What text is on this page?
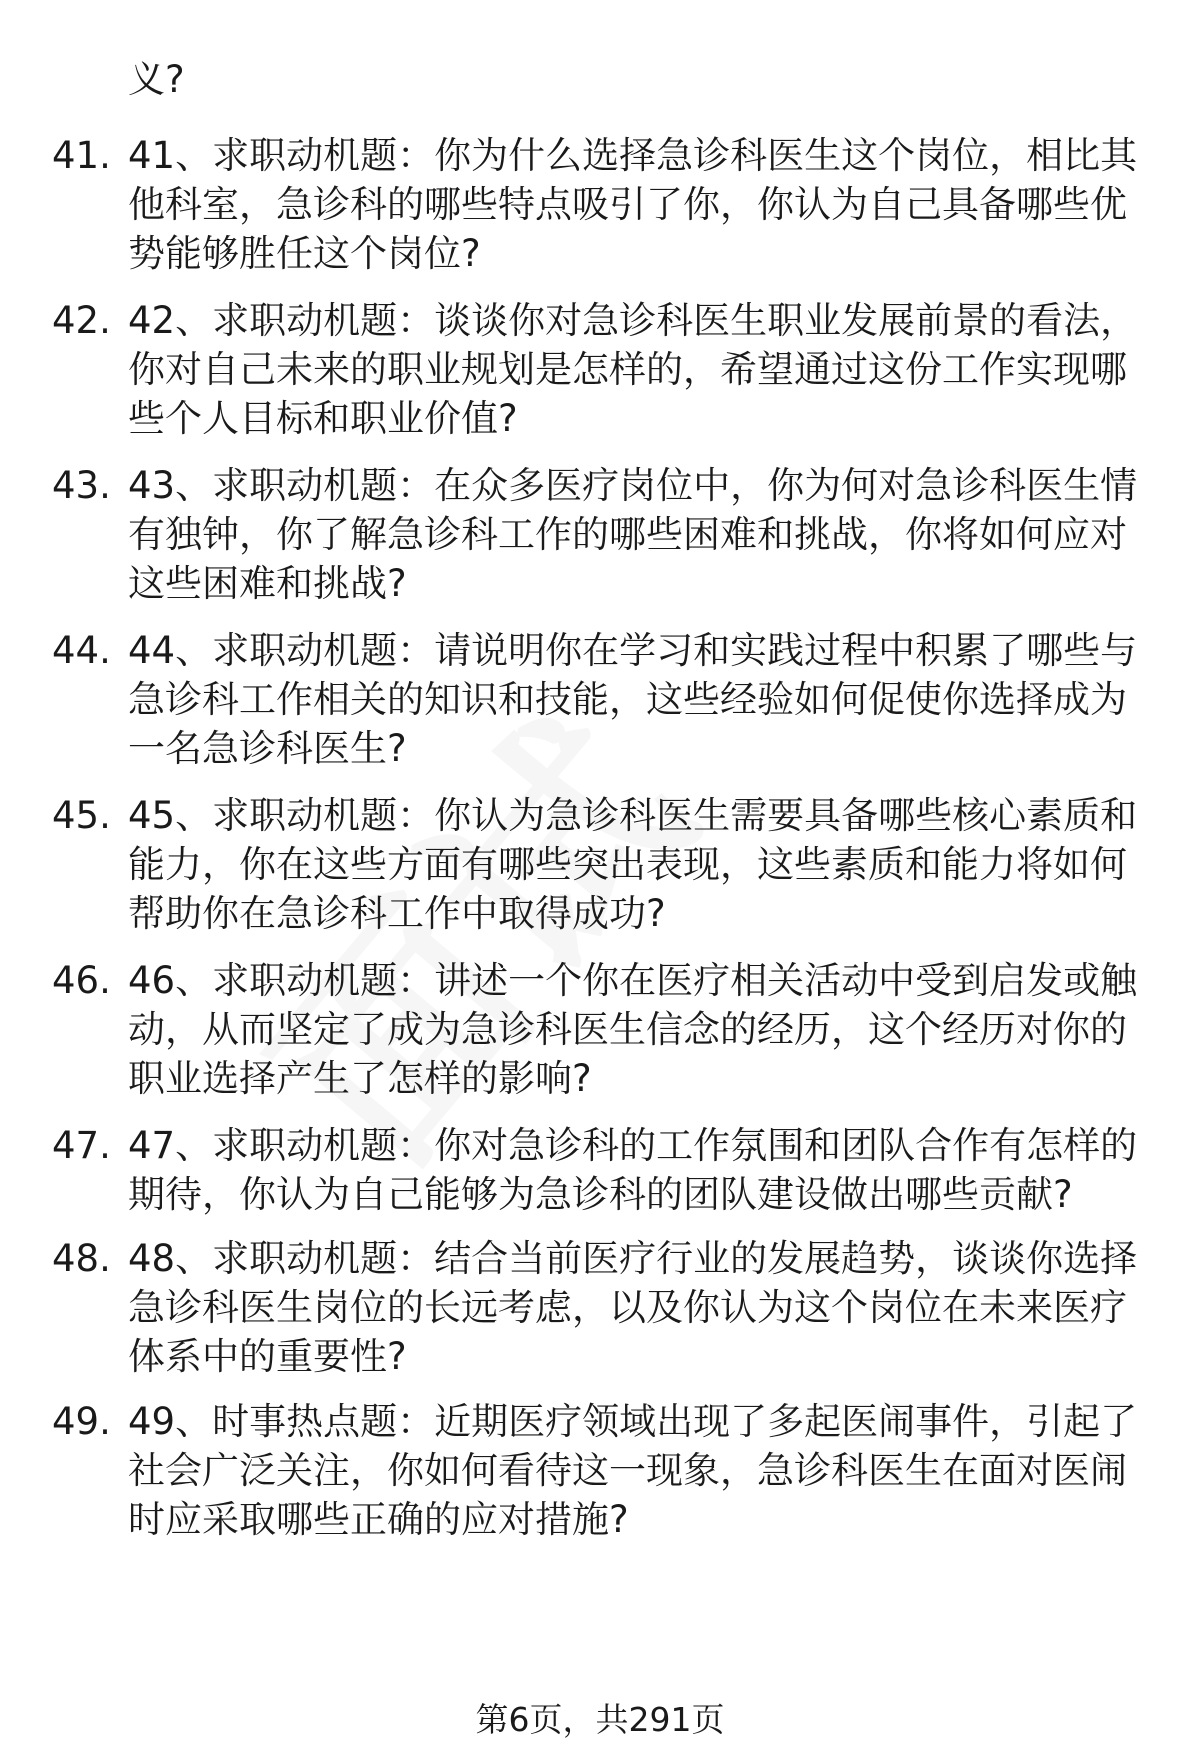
义?

41. 41、求职动机题：你为什么选择急诊科医生这个岗位，相比其他科室，急诊科的哪些特点吸引了你，你认为自己具备哪些优势能够胜任这个岗位?

42. 42、求职动机题：谈谈你对急诊科医生职业发展前景的看法，你对自己未来的职业规划是怎样的，希望通过这份工作实现哪些个人目标和职业价值?

43. 43、求职动机题：在众多医疗岗位中，你为何对急诊科医生情有独钟，你了解急诊科工作的哪些困难和挑战，你将如何应对这些困难和挑战?

44. 44、求职动机题：请说明你在学习和实践过程中积累了哪些与急诊科工作相关的知识和技能，这些经验如何促使你选择成为一名急诊科医生?

45. 45、求职动机题：你认为急诊科医生需要具备哪些核心素质和能力，你在这些方面有哪些突出表现，这些素质和能力将如何帮助你在急诊科工作中取得成功?

46. 46、求职动机题：讲述一个你在医疗相关活动中受到启发或触动，从而坚定了成为急诊科医生信念的经历，这个经历对你的职业选择产生了怎样的影响?

47. 47、求职动机题：你对急诊科的工作氛围和团队合作有怎样的期待，你认为自己能够为急诊科的团队建设做出哪些贡献?

48. 48、求职动机题：结合当前医疗行业的发展趋势，谈谈你选择急诊科医生岗位的长远考虑，以及你认为这个岗位在未来医疗体系中的重要性?

49. 49、时事热点题：近期医疗领域出现了多起医闹事件，引起了社会广泛关注，你如何看待这一现象，急诊科医生在面对医闹时应采取哪些正确的应对措施?

第6页，共291页
